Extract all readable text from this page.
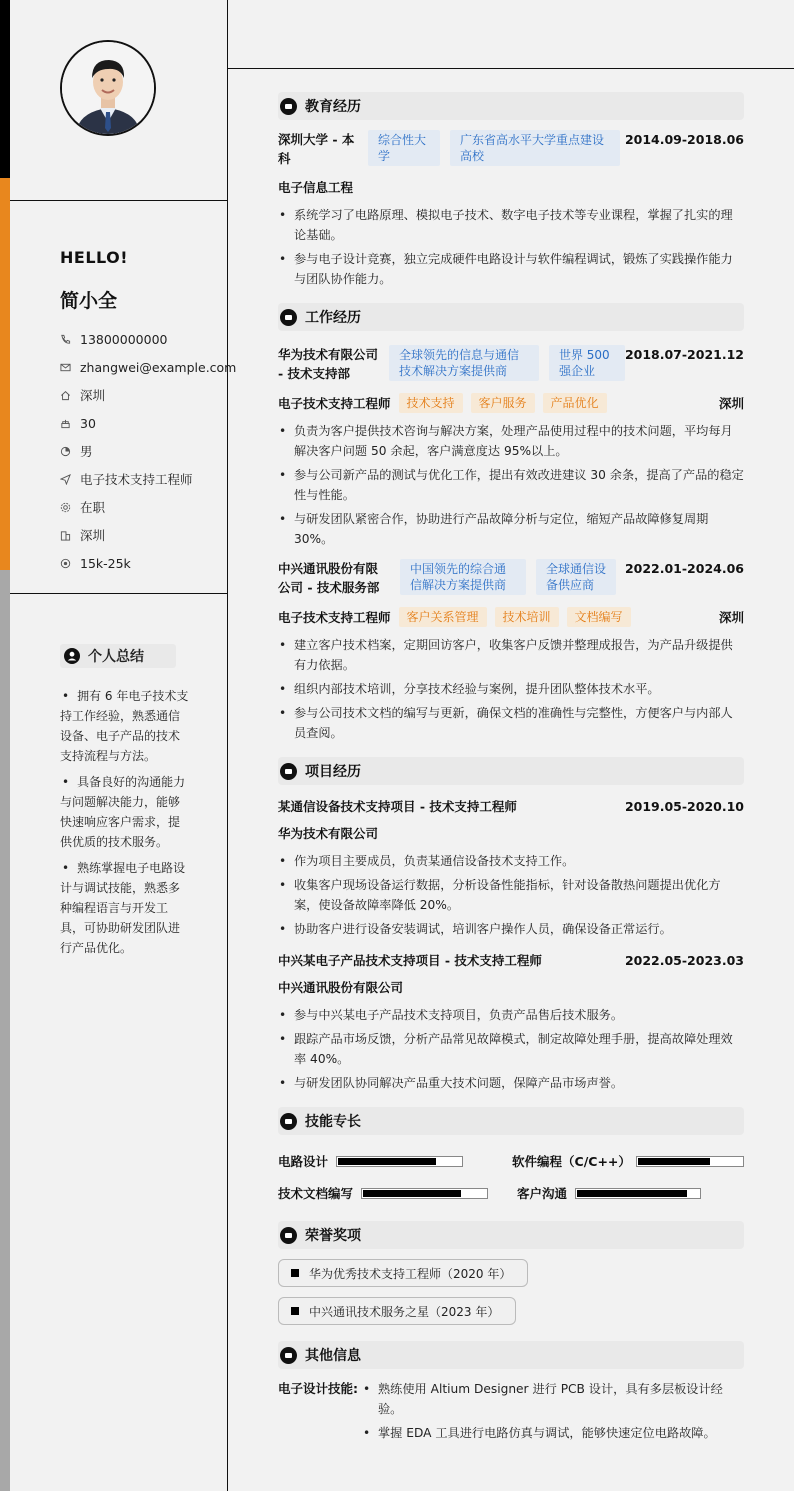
HELLO!
简小全
13800000000
zhangwei@example.com
深圳
30
男
电子技术支持工程师
在职
深圳
15k-25k
个人总结
• 拥有 6 年电子技术支持工作经验，熟悉通信设备、电子产品的技术支持流程与方法。
• 具备良好的沟通能力与问题解决能力，能够快速响应客户需求，提供优质的技术服务。
• 熟练掌握电子电路设计与调试技能，熟悉多种编程语言与开发工具，可协助研发团队进行产品优化。
教育经历
深圳大学 - 本科
综合性大学
广东省高水平大学重点建设高校
2014.09-2018.06
电子信息工程
• 系统学习了电路原理、模拟电子技术、数字电子技术等专业课程，掌握了扎实的理论基础。
• 参与电子设计竞赛，独立完成硬件电路设计与软件编程调试，锻炼了实践操作能力与团队协作能力。
工作经历
华为技术有限公司 - 技术支持部
全球领先的信息与通信技术解决方案提供商
世界 500 强企业
2018.07-2021.12
电子技术支持工程师	技术支持	客户服务	产品优化	深圳
• 负责为客户提供技术咨询与解决方案，处理产品使用过程中的技术问题，平均每月解决客户问题 50 余起，客户满意度达 95%以上。
• 参与公司新产品的测试与优化工作，提出有效改进建议 30 余条，提高了产品的稳定性与性能。
• 与研发团队紧密合作，协助进行产品故障分析与定位，缩短产品故障修复周期 30%。
中兴通讯股份有限公司 - 技术服务部
中国领先的综合通信解决方案提供商
全球通信设备供应商
2022.01-2024.06
电子技术支持工程师	客户关系管理	技术培训	文档编写	深圳
• 建立客户技术档案，定期回访客户，收集客户反馈并整理成报告，为产品升级提供有力依据。
• 组织内部技术培训，分享技术经验与案例，提升团队整体技术水平。
• 参与公司技术文档的编写与更新，确保文档的准确性与完整性，方便客户与内部人员查阅。
项目经历
某通信设备技术支持项目 - 技术支持工程师	2019.05-2020.10
华为技术有限公司
• 作为项目主要成员，负责某通信设备技术支持工作。
• 收集客户现场设备运行数据，分析设备性能指标，针对设备散热问题提出优化方案，使设备故障率降低 20%。
• 协助客户进行设备安装调试，培训客户操作人员，确保设备正常运行。
中兴某电子产品技术支持项目 - 技术支持工程师	2022.05-2023.03
中兴通讯股份有限公司
• 参与中兴某电子产品技术支持项目，负责产品售后技术服务。
• 跟踪产品市场反馈，分析产品常见故障模式，制定故障处理手册，提高故障处理效率 40%。
• 与研发团队协同解决产品重大技术问题，保障产品市场声誉。
技能专长
电路设计	软件编程（C/C++）
技术文档编写	客户沟通
荣誉奖项
华为优秀技术支持工程师（2020 年）

中兴通讯技术服务之星（2023 年）
其他信息
电子设计技能:
•	熟练使用 Altium Designer 进行 PCB 设计，具有多层板设计经验。
• 掌握 EDA 工具进行电路仿真与调试，能够快速定位电路故障。
